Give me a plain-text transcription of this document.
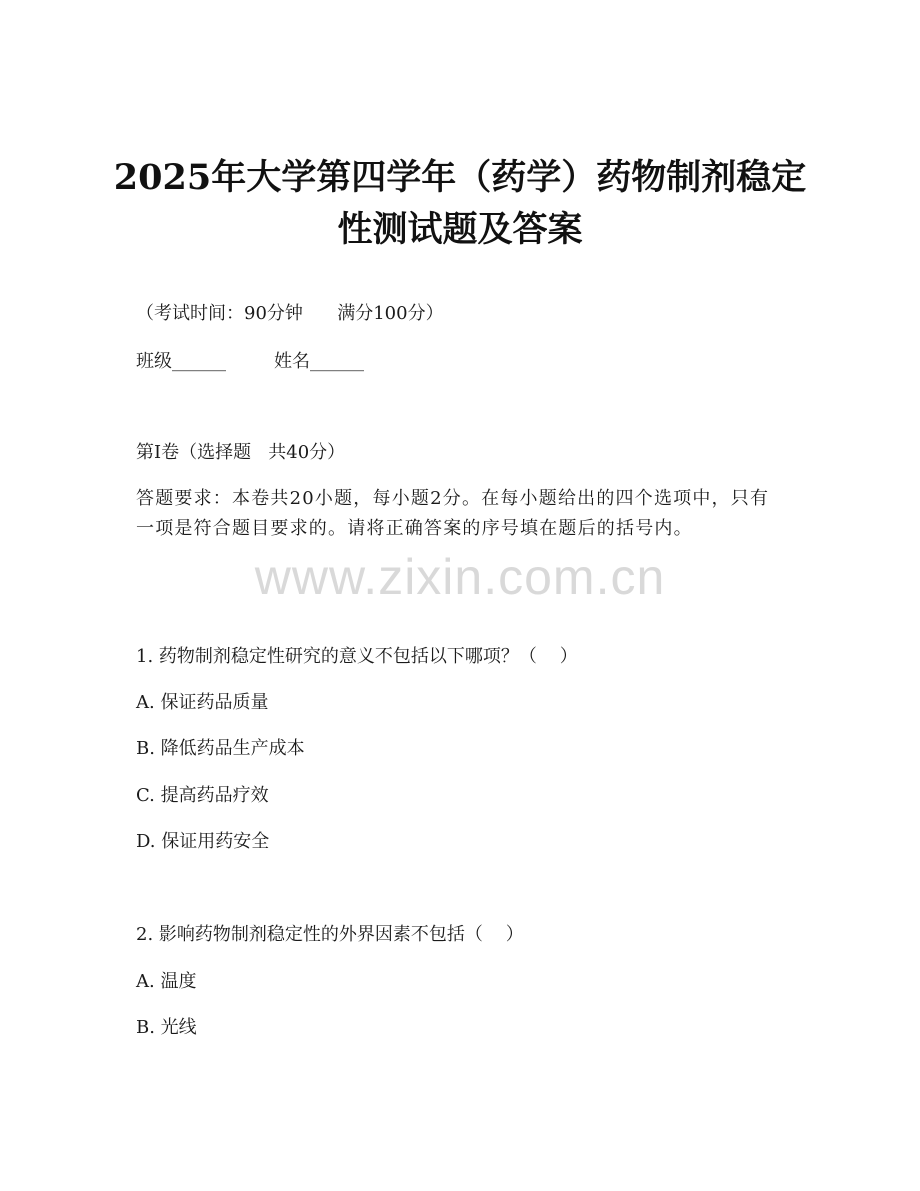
2025年大学第四学年（药学）药物制剂稳定
性测试题及答案
（考试时间：90分钟      满分100分）
班级______	姓名______
第I卷（选择题   共40分）
答题要求：本卷共20小题，每小题2分。在每小题给出的四个选项中，只有一项是符合题目要求的。请将正确答案的序号填在题后的括号内。
www.zixin.com.cn
1. 药物制剂稳定性研究的意义不包括以下哪项？（    ）
A. 保证药品质量
B. 降低药品生产成本
C. 提高药品疗效
D. 保证用药安全
2. 影响药物制剂稳定性的外界因素不包括（    ）
A. 温度
B. 光线
